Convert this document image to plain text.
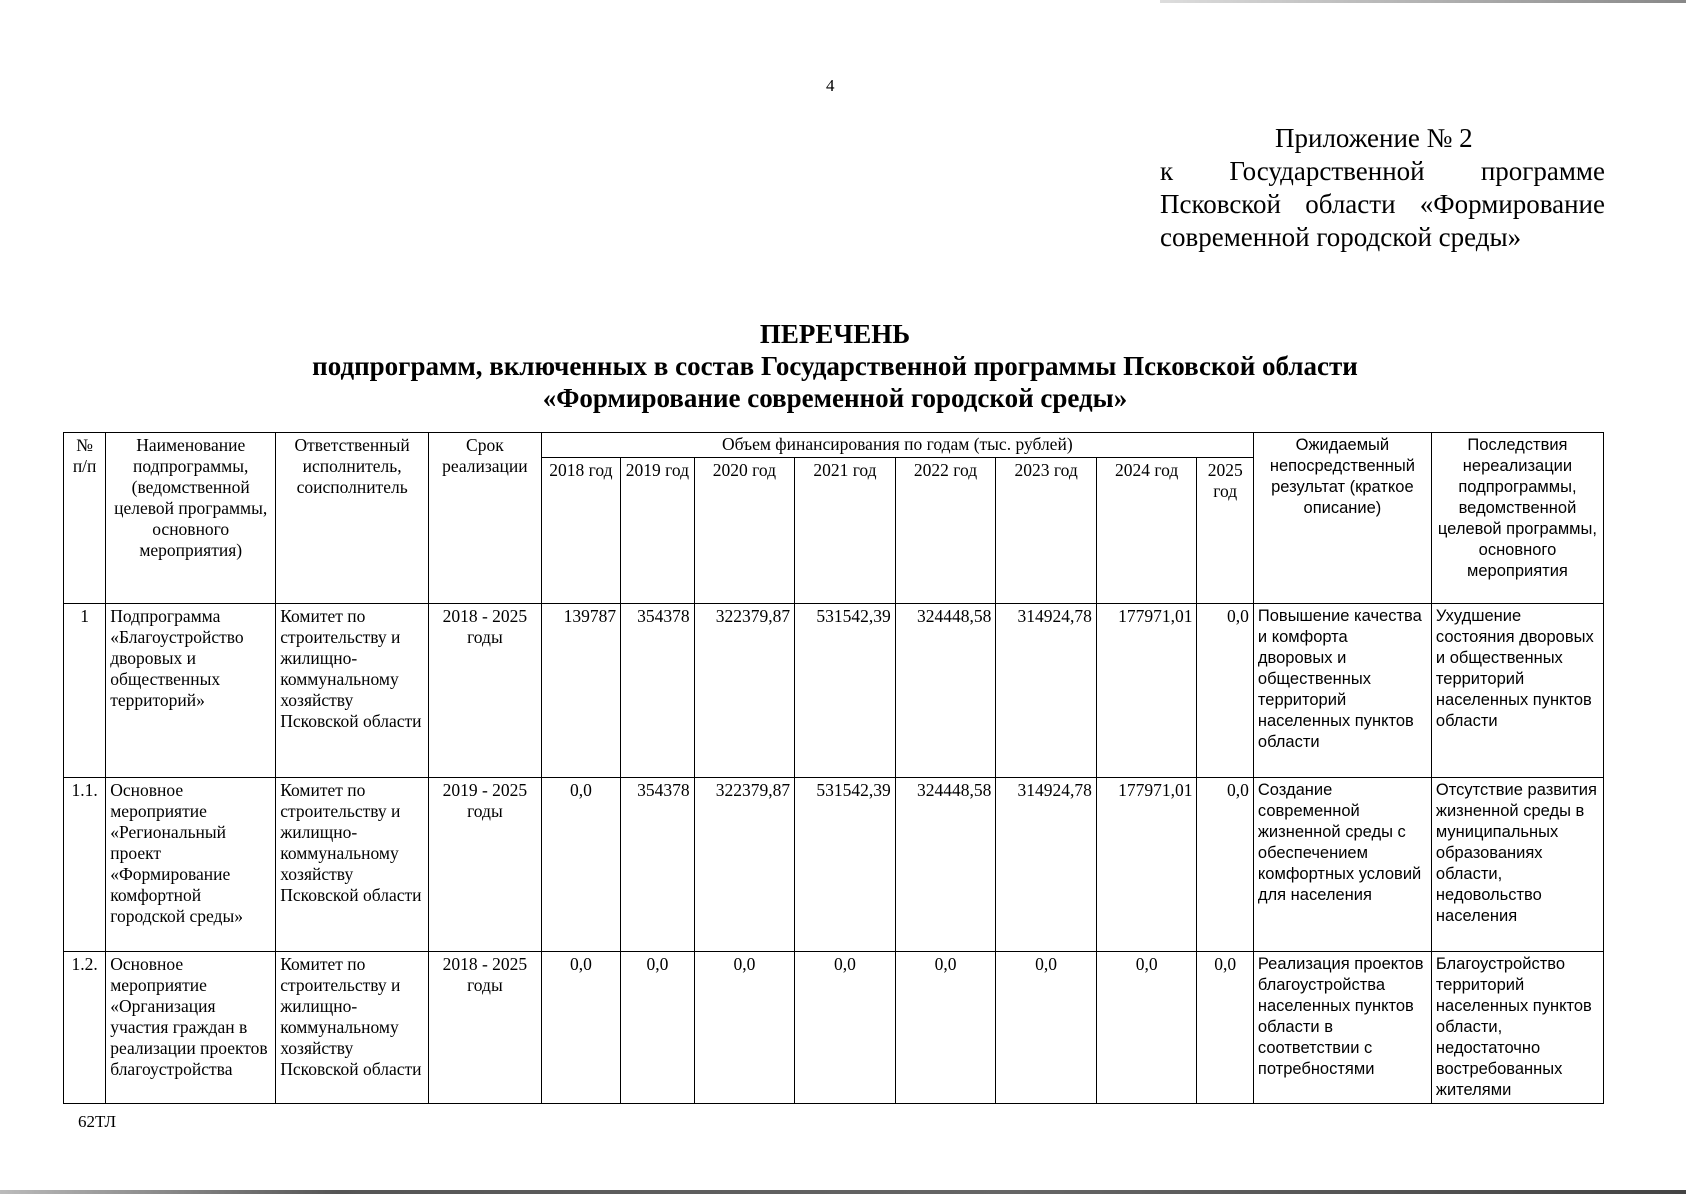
4
Приложение № 2
к Государственной программе
Псковской области «Формирование
современной городской среды»
ПЕРЕЧЕНЬ
подпрограмм, включенных в состав Государственной программы Псковской области
«Формирование современной городской среды»
№ п/п	Наименование подпрограммы, (ведомственной целевой программы, основного мероприятия)	Ответственный исполнитель, соисполнитель	Срок реализации	Объем финансирования по годам (тыс. рублей)								Ожидаемый непосредственный результат (краткое описание)	Последствия нереализации подпрограммы, ведомственной целевой программы, основного мероприятия
				2018 год	2019 год	2020 год	2021 год	2022 год	2023 год	2024 год	2025 год		
1	Подпрограмма «Благоустройство дворовых и общественных территорий»	Комитет по строительству и жилищно-коммунальному хозяйству Псковской области	2018 - 2025 годы	139787	354378	322379,87	531542,39	324448,58	314924,78	177971,01	0,0	Повышение качества и комфорта дворовых и общественных территорий населенных пунктов области	Ухудшение состояния дворовых и общественных территорий населенных пунктов области
1.1.	Основное мероприятие «Региональный проект «Формирование комфортной городской среды»	Комитет по строительству и жилищно-коммунальному хозяйству Псковской области	2019 - 2025 годы	0,0	354378	322379,87	531542,39	324448,58	314924,78	177971,01	0,0	Создание современной жизненной среды с обеспечением комфортных условий для населения	Отсутствие развития жизненной среды в муниципальных образованиях области, недовольство населения
1.2.	Основное мероприятие «Организация участия граждан в реализации проектов благоустройства	Комитет по строительству и жилищно-коммунальному хозяйству Псковской области	2018 - 2025 годы	0,0	0,0	0,0	0,0	0,0	0,0	0,0	0,0	Реализация проектов благоустройства населенных пунктов области в соответствии с потребностями	Благоустройство территорий населенных пунктов области, недостаточно востребованных жителями
62ТЛ
